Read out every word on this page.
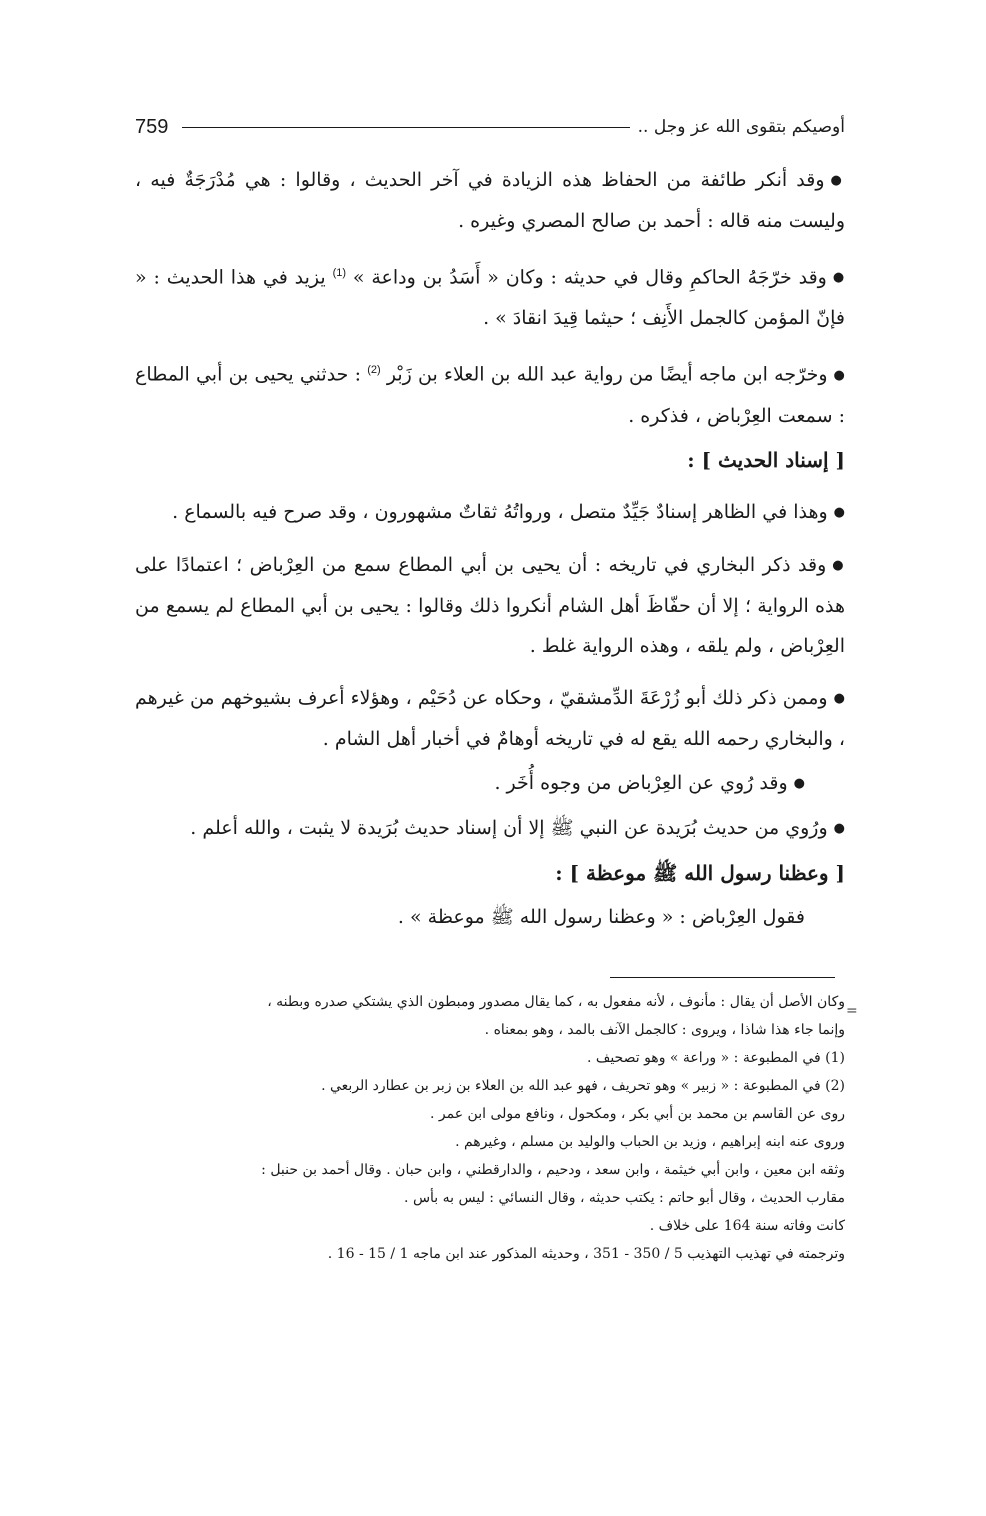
759	أوصيكم بتقوى الله عز وجل ..

●وقد أنكر طائفة من الحفاظ هذه الزيادة في آخر الحديث ، وقالوا : هي مُدْرَجَةٌ فيه ، وليست منه قاله : أحمد بن صالح المصري وغيره .

●وقد خرّجَهُ الحاكمِ وقال في حديثه : وكان « أَسَدُ بن وداعة » $^{(1)}$ يزيد في هذا الحديث : « فإنّ المؤمن كالجمل الأَنِف ؛ حيثما قِيدَ انقادَ » .

●وخرّجه ابن ماجه أيضًا من رواية عبد الله بن العلاء بن زَبْر $^{(2)}$ : حدثني يحيى بن أبي المطاع : سمعت العِرْباض ، فذكره .

[ إسناد الحديث ] :

●وهذا في الظاهر إسنادٌ جَيِّدٌ متصل ، ورواتُهُ ثقاتٌ مشهورون ، وقد صرح فيه بالسماع .

●وقد ذكر البخاري في تاريخه : أن يحيى بن أبي المطاع سمع من العِرْباض ؛ اعتمادًا على هذه الرواية ؛ إلا أن حفّاظَ أهل الشام أنكروا ذلك وقالوا : يحيى بن أبي المطاع لم يسمع من العِرْباض ، ولم يلقه ، وهذه الرواية غلط .

●وممن ذكر ذلك أبو زُرْعَةَ الدِّمشقيّ ، وحكاه عن دُحَيْم ، وهؤلاء أعرف بشيوخهم من غيرهم ، والبخاري رحمه الله يقع له في تاريخه أوهامٌ في أخبار أهل الشام .

●وقد رُوي عن العِرْباض من وجوه أُخَر .

●ورُوي من حديث بُرَيدة عن النبي ﷺ إلا أن إسناد حديث بُرَيدة لا يثبت ، والله أعلم .

[ وعظنا رسول الله ﷺ موعظة ] :

فقول العِرْباض : « وعظنا رسول الله ﷺ موعظة » .

=

وكان الأصل أن يقال : مأنوف ، لأنه مفعول به ، كما يقال مصدور ومبطون الذي يشتكي صدره وبطنه ،

وإنما جاء هذا شاذا ، ويروى : كالجمل الآنف بالمد ، وهو بمعناه .

(1) في المطبوعة : « وراعة » وهو تصحيف .

(2) في المطبوعة : « زبير » وهو تحريف ، فهو عبد الله بن العلاء بن زبر بن عطارد الربعي .

روى عن القاسم بن محمد بن أبي بكر ، ومكحول ، ونافع مولى ابن عمر .

وروى عنه ابنه إبراهيم ، وزيد بن الحباب والوليد بن مسلم ، وغيرهم .

وثقه ابن معين ، وابن أبي خيثمة ، وابن سعد ، ودحيم ، والدارقطني ، وابن حبان . وقال أحمد بن حنبل :

مقارب الحديث ، وقال أبو حاتم : يكتب حديثه ، وقال النسائي : ليس به بأس .

كانت وفاته سنة 164 على خلاف .

وترجمته في تهذيب التهذيب 5 / 350 - 351 ، وحديثه المذكور عند ابن ماجه 1 / 15 - 16 .
